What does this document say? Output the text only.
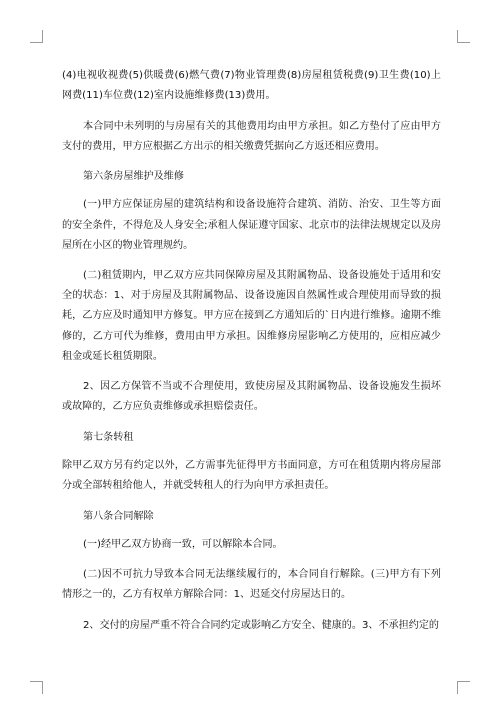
(4)电视收视费(5)供暖费(6)燃气费(7)物业管理费(8)房屋租赁税费(9)卫生费(10)上网费(11)车位费(12)室内设施维修费(13)费用。

本合同中未列明的与房屋有关的其他费用均由甲方承担。如乙方垫付了应由甲方支付的费用，甲方应根据乙方出示的相关缴费凭据向乙方返还相应费用。

第六条房屋维护及维修

(一)甲方应保证房屋的建筑结构和设备设施符合建筑、消防、治安、卫生等方面的安全条件，不得危及人身安全;承租人保证遵守国家、北京市的法律法规规定以及房屋所在小区的物业管理规约。

(二)租赁期内，甲乙双方应共同保障房屋及其附属物品、设备设施处于适用和安全的状态：1、对于房屋及其附属物品、设备设施因自然属性或合理使用而导致的损耗，乙方应及时通知甲方修复。甲方应在接到乙方通知后的`日内进行维修。逾期不维修的，乙方可代为维修，费用由甲方承担。因维修房屋影响乙方使用的，应相应减少租金或延长租赁期限。

2、因乙方保管不当或不合理使用，致使房屋及其附属物品、设备设施发生损坏或故障的，乙方应负责维修或承担赔偿责任。

第七条转租

除甲乙双方另有约定以外，乙方需事先征得甲方书面同意，方可在租赁期内将房屋部分或全部转租给他人，并就受转租人的行为向甲方承担责任。

第八条合同解除

(一)经甲乙双方协商一致，可以解除本合同。

(二)因不可抗力导致本合同无法继续履行的，本合同自行解除。(三)甲方有下列情形之一的，乙方有权单方解除合同：1、迟延交付房屋达日的。

2、交付的房屋严重不符合合同约定或影响乙方安全、健康的。3、不承担约定的
